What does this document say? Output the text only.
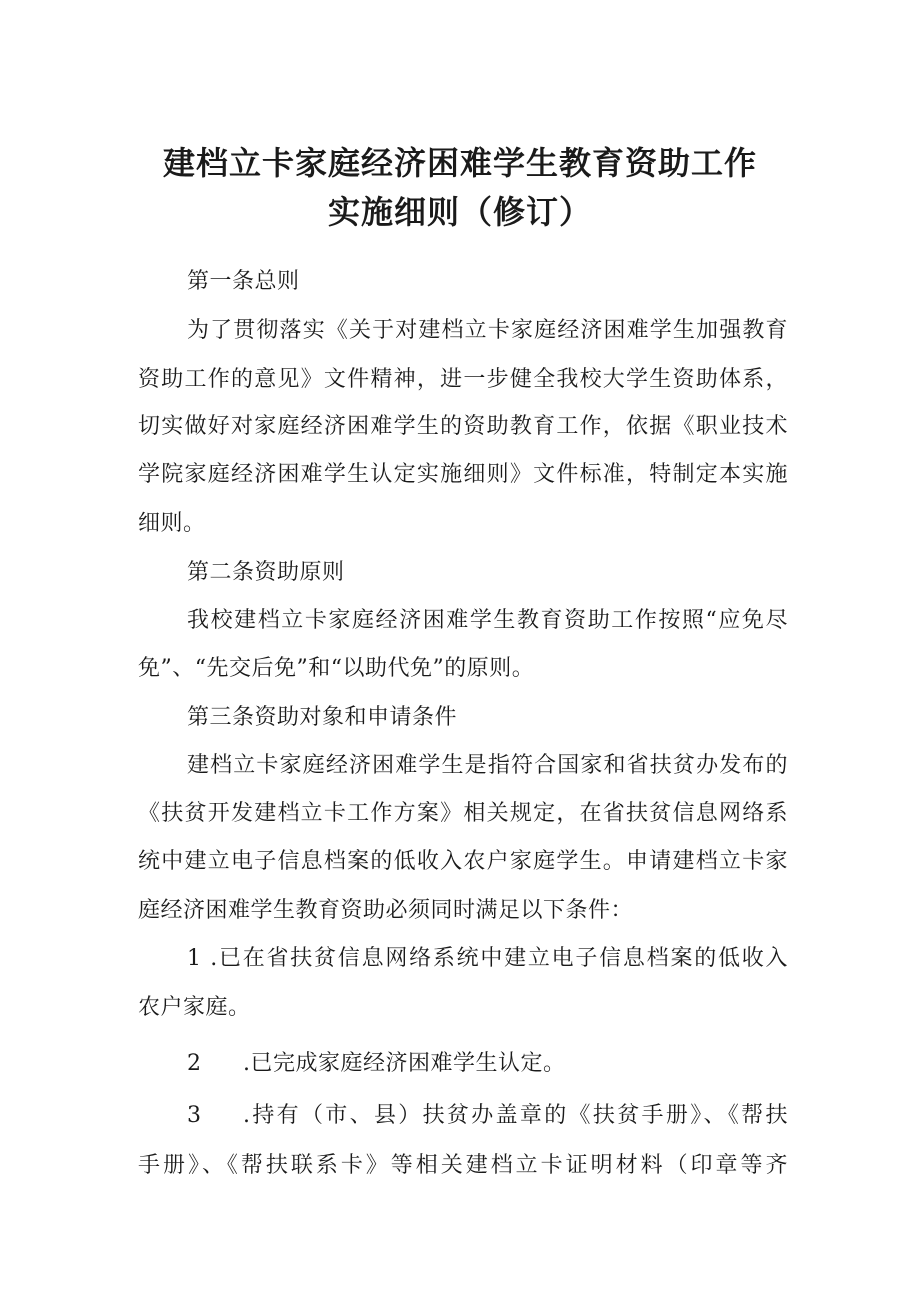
建档立卡家庭经济困难学生教育资助工作
实施细则（修订）
第一条总则
为了贯彻落实《关于对建档立卡家庭经济困难学生加强教育
资助工作的意见》文件精神，进一步健全我校大学生资助体系，
切实做好对家庭经济困难学生的资助教育工作，依据《职业技术
学院家庭经济困难学生认定实施细则》文件标准，特制定本实施
细则。
第二条资助原则
我校建档立卡家庭经济困难学生教育资助工作按照“应免尽
免”、“先交后免”和“以助代免”的原则。
第三条资助对象和申请条件
建档立卡家庭经济困难学生是指符合国家和省扶贫办发布的
《扶贫开发建档立卡工作方案》相关规定，在省扶贫信息网络系
统中建立电子信息档案的低收入农户家庭学生。申请建档立卡家
庭经济困难学生教育资助必须同时满足以下条件：
1 .已在省扶贫信息网络系统中建立电子信息档案的低收入
农户家庭。
2 .已完成家庭经济困难学生认定。
3 .持有（市、县）扶贫办盖章的《扶贫手册》、《帮扶
手册》、《帮扶联系卡》等相关建档立卡证明材料（印章等齐
